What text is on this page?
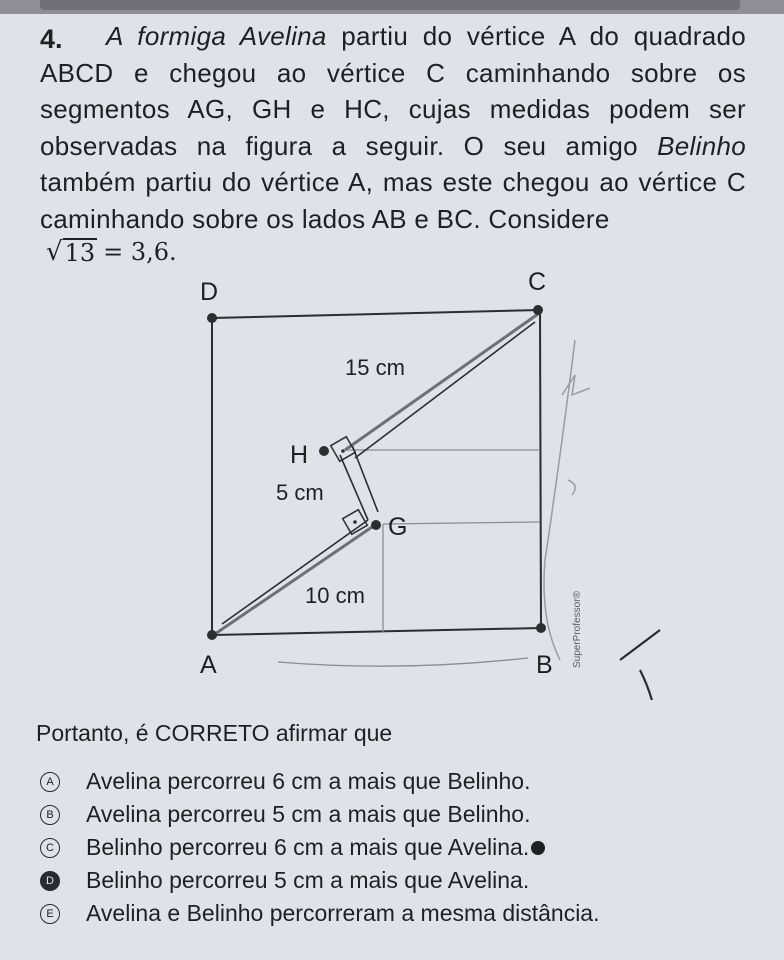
A formiga Avelina partiu do vértice A do quadrado ABCD e chegou ao vértice C caminhando sobre os segmentos AG, GH e HC, cujas medidas podem ser observadas na figura a seguir. O seu amigo Belinho também partiu do vértice A, mas este chegou ao vértice C caminhando sobre os lados AB e BC. Considere

4.
√ 13 = 3,6.
D	C
A	B
H
G
15 cm
5 cm
10 cm	SuperProfessor®
Portanto, é CORRETO afirmar que
A Avelina percorreu 6 cm a mais que Belinho.
B Avelina percorreu 5 cm a mais que Belinho.
C Belinho percorreu 6 cm a mais que Avelina.
D Belinho percorreu 5 cm a mais que Avelina.
E Avelina e Belinho percorreram a mesma distância.
